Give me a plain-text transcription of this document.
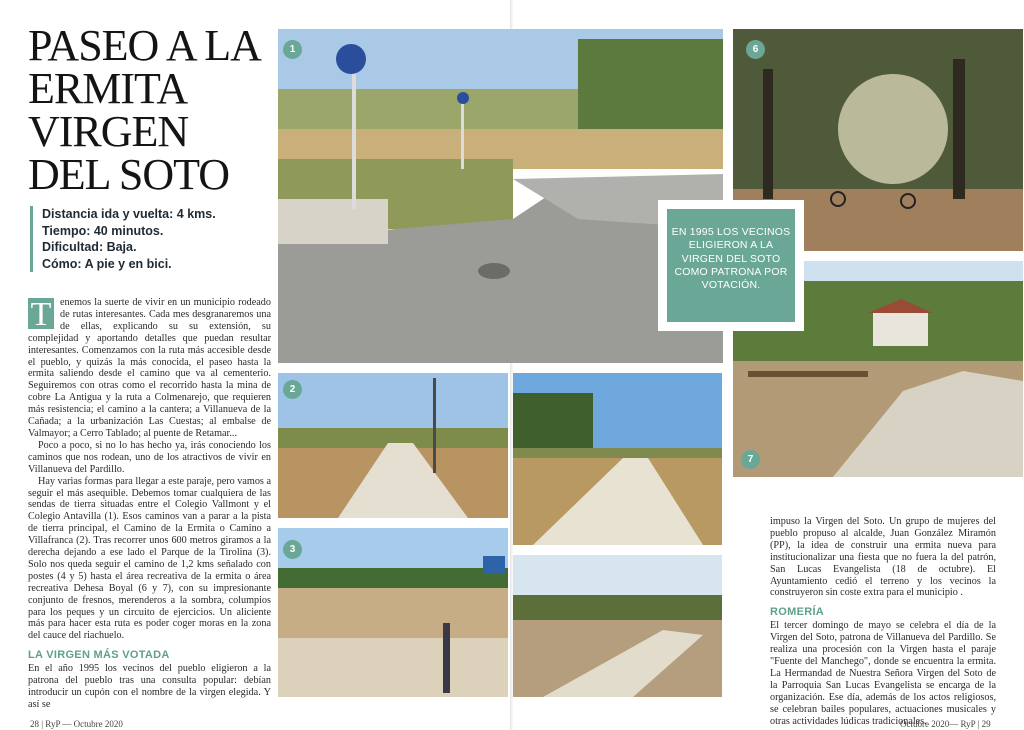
PASEO A LA ERMITA VIRGEN DEL SOTO
Distancia ida y vuelta: 4 kms.
Tiempo: 40 minutos.
Dificultad: Baja.
Cómo: A pie y en bici.

T enemos la suerte de vivir en un municipio rodeado de rutas interesantes. Cada mes desgranaremos una de ellas, explicando su su extensión, su complejidad y aportando detalles que puedan resultar interesantes. Comenzamos con la ruta más accesible desde el pueblo, y quizás la más conocida, el paseo hasta la ermita saliendo desde el camino que va al cementerio. Seguiremos con otras como el recorrido hasta la mina de cobre La Antigua y la ruta a Colmenarejo, que requieren más resistencia; el camino a la cantera; a Villanueva de la Cañada; a la urbanización Las Cuestas; al embalse de Valmayor; a Cerro Tablado; al puente de Retamar...

Poco a poco, si no lo has hecho ya, irás conociendo los caminos que nos rodean, uno de los atractivos de vivir en Villanueva del Pardillo.

Hay varias formas para llegar a este paraje, pero vamos a seguir el más asequible. Debemos tomar cualquiera de las sendas de tierra situadas entre el Colegio Vallmont y el Colegio Antavilla (1). Esos caminos van a parar a la pista de tierra principal, el Camino de la Ermita o Camino a Villafranca (2). Tras recorrer unos 600 metros giramos a la derecha dejando a ese lado el Parque de la Tirolina (3). Solo nos queda seguir el camino de 1,2 kms señalado con postes (4 y 5) hasta el área recreativa de la ermita o área recreativa Dehesa Boyal (6 y 7), con su impresionante conjunto de fresnos, merenderos a la sombra, columpios para los peques y un circuito de ejercicios. Un aliciente más para hacer esta ruta es poder coger moras en la zona del cauce del riachuelo.

LA VIRGEN MÁS VOTADA

En el año 1995 los vecinos del pueblo eligieron a la patrona del pueblo tras una consulta popular: debían introducir un cupón con el nombre de la virgen elegida. Y así se

EN 1995 LOS VECINOS ELIGIERON A LA VIRGEN DEL SOTO COMO PATRONA POR VOTACIÓN.
1	6
2
3
7

impuso la Virgen del Soto. Un grupo de mujeres del pueblo propuso al alcalde, Juan González Miramón (PP), la idea de construir una ermita nueva para institucionalizar una fiesta que no fuera la del patrón, San Lucas Evangelista (18 de octubre). El Ayuntamiento cedió el terreno y los vecinos la construyeron sin coste extra para el municipio .

ROMERÍA

El tercer domingo de mayo se celebra el día de la Virgen del Soto, patrona de Villanueva del Pardillo. Se realiza una procesión con la Virgen hasta el paraje "Fuente del Manchego", donde se encuentra la ermita. La Hermandad de Nuestra Señora Virgen del Soto de la Parroquia San Lucas Evangelista se encarga de la organización. Ese día, además de los actos religiosos, se celebran bailes populares, actuaciones musicales y otras actividades lúdicas tradicionales.

28 | RyP — Octubre 2020	Octubre 2020— RyP | 29
